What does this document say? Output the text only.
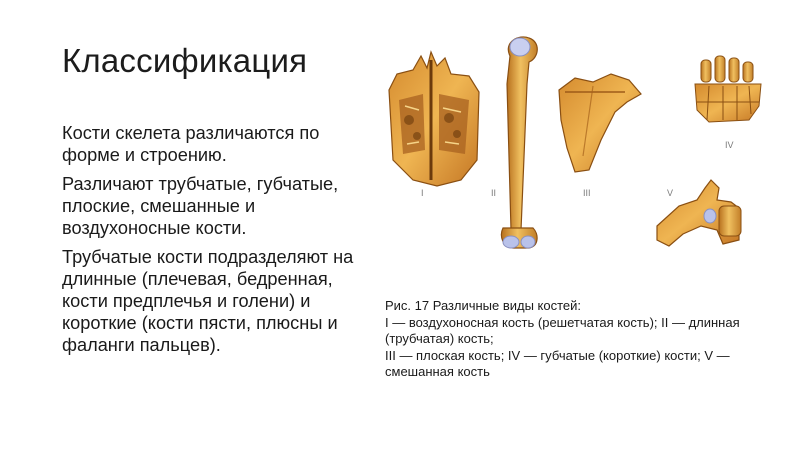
Классификация

Кости скелета различаются по форме и строению.

Различают трубчатые, губчатые, плоские, смешанные и воздухоносные кости.

Трубчатые кости подразделяют на длинные (плечевая, бедренная, кости предплечья и голени) и короткие (кости пясти, плюсны и фаланги пальцев).

I	II	III
IV
V
Рис. 17 Различные виды костей:
I — воздухоносная кость (решетчатая кость); II — длинная (трубчатая) кость;
III — плоская кость; IV — губчатые (короткие) кости; V — смешанная кость
